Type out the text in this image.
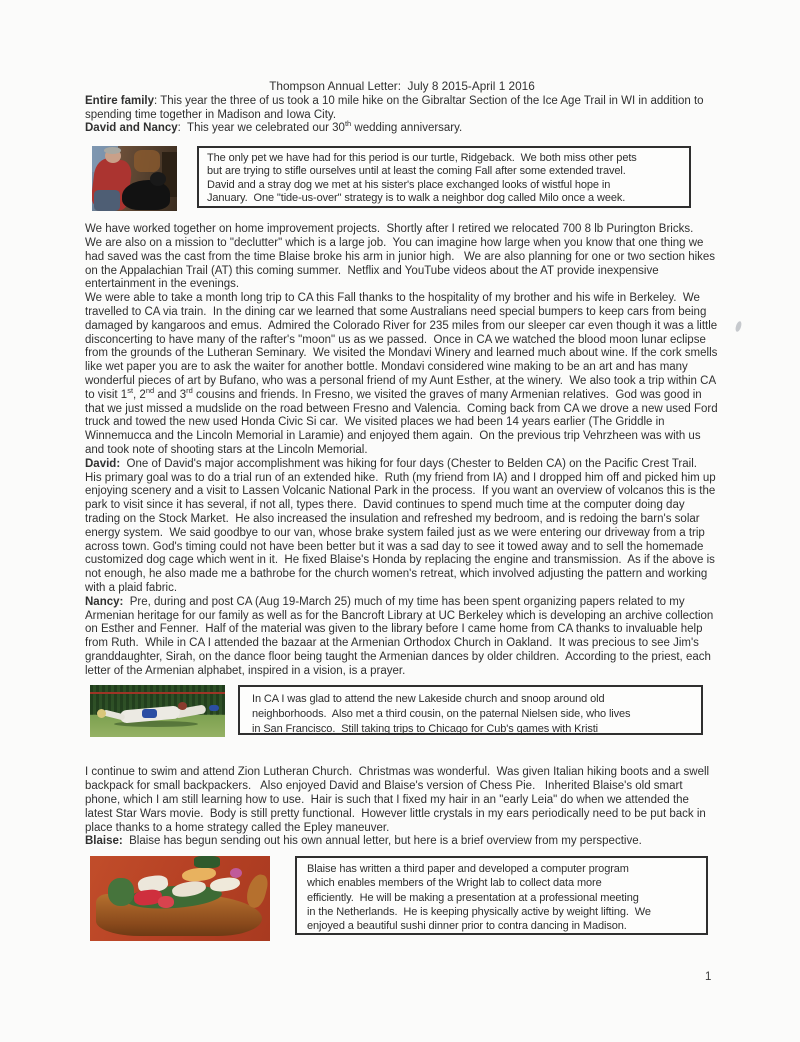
Thompson Annual Letter:  July 8 2015-April 1 2016

Entire family: This year the three of us took a 10 mile hike on the Gibraltar Section of the Ice Age Trail in WI in addition to spending time together in Madison and Iowa City.

David and Nancy:  This year we celebrated our 30th wedding anniversary.

The only pet we have had for this period is our turtle, Ridgeback.  We both miss other pets
but are trying to stifle ourselves until at least the coming Fall after some extended travel.
David and a stray dog we met at his sister's place exchanged looks of wistful hope in
January.  One "tide-us-over" strategy is to walk a neighbor dog called Milo once a week.

We have worked together on home improvement projects.  Shortly after I retired we relocated 700 8 lb Purington Bricks.   We are also on a mission to "declutter" which is a large job.  You can imagine how large when you know that one thing we had saved was the cast from the time Blaise broke his arm in junior high.   We are also planning for one or two section hikes on the Appalachian Trail (AT) this coming summer.  Netflix and YouTube videos about the AT provide inexpensive entertainment in the evenings.

We were able to take a month long trip to CA this Fall thanks to the hospitality of my brother and his wife in Berkeley.  We travelled to CA via train.  In the dining car we learned that some Australians need special bumpers to keep cars from being damaged by kangaroos and emus.  Admired the Colorado River for 235 miles from our sleeper car even though it was a little disconcerting to have many of the rafter's "moon" us as we passed.  Once in CA we watched the blood moon lunar eclipse from the grounds of the Lutheran Seminary.  We visited the Mondavi Winery and learned much about wine. If the cork smells like wet paper you are to ask the waiter for another bottle. Mondavi considered wine making to be an art and has many wonderful pieces of art by Bufano, who was a personal friend of my Aunt Esther, at the winery.  We also took a trip within CA to visit 1st, 2nd and 3rd cousins and friends. In Fresno, we visited the graves of many Armenian relatives.  God was good in that we just missed a mudslide on the road between Fresno and Valencia.  Coming back from CA we drove a new used Ford truck and towed the new used Honda Civic Si car.  We visited places we had been 14 years earlier (The Griddle in Winnemucca and the Lincoln Memorial in Laramie) and enjoyed them again.  On the previous trip Vehrzheen was with us and took note of shooting stars at the Lincoln Memorial.

David:  One of David's major accomplishment was hiking for four days (Chester to Belden CA) on the Pacific Crest Trail.  His primary goal was to do a trial run of an extended hike.  Ruth (my friend from IA) and I dropped him off and picked him up enjoying scenery and a visit to Lassen Volcanic National Park in the process.  If you want an overview of volcanos this is the park to visit since it has several, if not all, types there.  David continues to spend much time at the computer doing day trading on the Stock Market.  He also increased the insulation and refreshed my bedroom, and is redoing the barn's solar energy system.  We said goodbye to our van, whose brake system failed just as we were entering our driveway from a trip across town. God's timing could not have been better but it was a sad day to see it towed away and to sell the homemade customized dog cage which went in it.  He fixed Blaise's Honda by replacing the engine and transmission.  As if the above is not enough, he also made me a bathrobe for the church women's retreat, which involved adjusting the pattern and working with a plaid fabric.

Nancy:  Pre, during and post CA (Aug 19-March 25) much of my time has been spent organizing papers related to my Armenian heritage for our family as well as for the Bancroft Library at UC Berkeley which is developing an archive collection on Esther and Fenner.  Half of the material was given to the library before I came home from CA thanks to invaluable help from Ruth.  While in CA I attended the bazaar at the Armenian Orthodox Church in Oakland.  It was precious to see Jim's granddaughter, Sirah, on the dance floor being taught the Armenian dances by older children.  According to the priest, each letter of the Armenian alphabet, inspired in a vision, is a prayer.

In CA I was glad to attend the new Lakeside church and snoop around old
neighborhoods.  Also met a third cousin, on the paternal Nielsen side, who lives
in San Francisco.  Still taking trips to Chicago for Cub's games with Kristi

I continue to swim and attend Zion Lutheran Church.  Christmas was wonderful.  Was given Italian hiking boots and a swell backpack for small backpackers.   Also enjoyed David and Blaise's version of Chess Pie.   Inherited Blaise's old smart phone, which I am still learning how to use.  Hair is such that I fixed my hair in an "early Leia" do when we attended the latest Star Wars movie.  Body is still pretty functional.  However little crystals in my ears periodically need to be put back in place thanks to a home strategy called the Epley maneuver.

Blaise:  Blaise has begun sending out his own annual letter, but here is a brief overview from my perspective.

Blaise has written a third paper and developed a computer program
which enables members of the Wright lab to collect data more
efficiently.  He will be making a presentation at a professional meeting
in the Netherlands.  He is keeping physically active by weight lifting.  We
enjoyed a beautiful sushi dinner prior to contra dancing in Madison.
1
